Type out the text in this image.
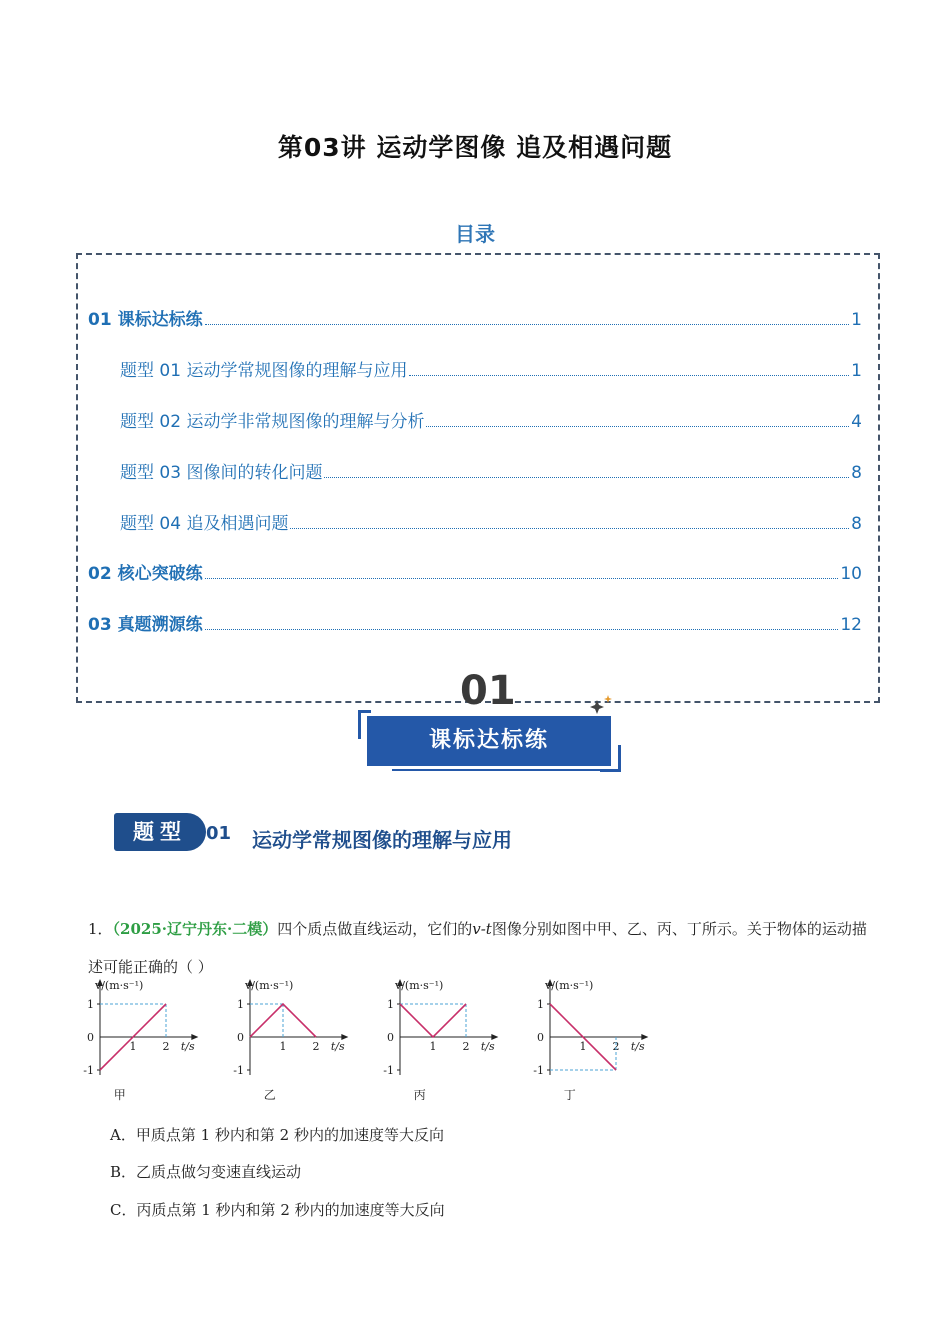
第03讲 运动学图像 追及相遇问题
目录
01 课标达标练	1
题型 01 运动学常规图像的理解与应用	1
题型 02 运动学非常规图像的理解与分析	4
题型 03 图像间的转化问题	8
题型 04 追及相遇问题	8
02 核心突破练	10
03 真题溯源练	12
01
课标达标练
题型	01 运动学常规图像的理解与应用
1．（2025·辽宁丹东·二模）四个质点做直线运动，它们的v-t图像分别如图中甲、乙、丙、丁所示。关于物体的运动描述可能正确的（ ）
v/(m·s⁻¹)
t/s
1 2
1
0
-1
甲
v/(m·s⁻¹)
t/s
1 2
1
0
-1
乙
v/(m·s⁻¹)
t/s
1 2
1
0
-1
丙
v/(m·s⁻¹)
t/s
1 2
1
0
-1
丁
A．甲质点第 1 秒内和第 2 秒内的加速度等大反向
B．乙质点做匀变速直线运动
C．丙质点第 1 秒内和第 2 秒内的加速度等大反向
